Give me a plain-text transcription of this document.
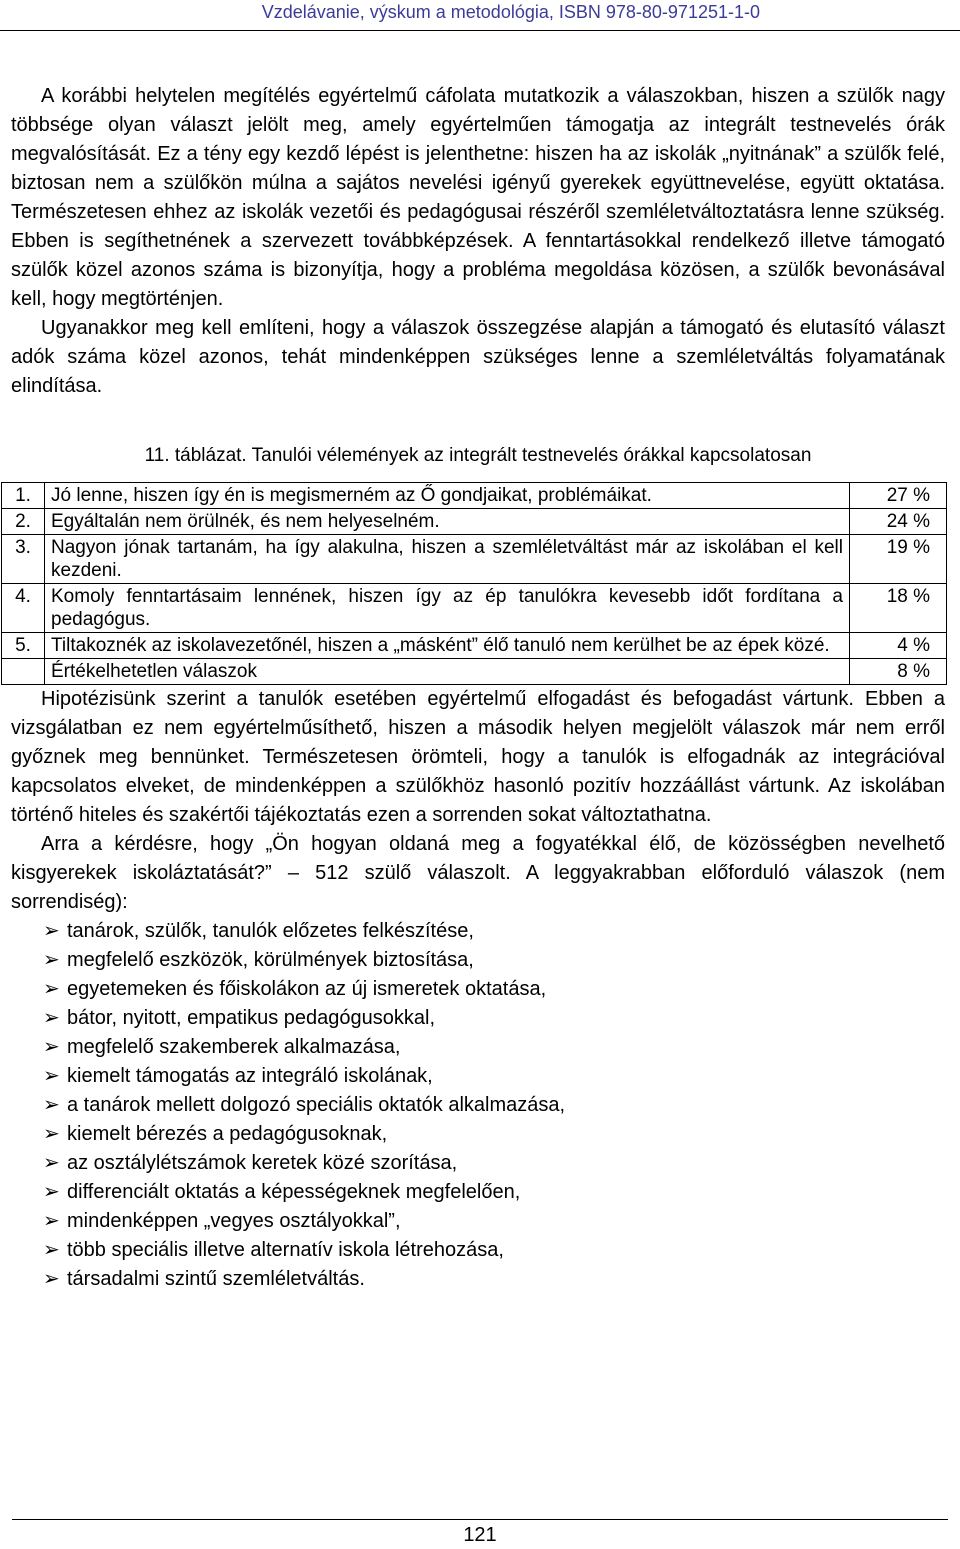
Vzdelávanie, výskum a metodológia, ISBN 978-80-971251-1-0

A korábbi helytelen megítélés egyértelmű cáfolata mutatkozik a válaszokban, hiszen a szülők nagy többsége olyan választ jelölt meg, amely egyértelműen támogatja az integrált testnevelés órák megvalósítását. Ez a tény egy kezdő lépést is jelenthetne: hiszen ha az iskolák „nyitnának” a szülők felé, biztosan nem a szülőkön múlna a sajátos nevelési igényű gyerekek együttnevelése, együtt oktatása. Természetesen ehhez az iskolák vezetői és pedagógusai részéről szemléletváltoztatásra lenne szükség. Ebben is segíthetnének a szervezett továbbképzések. A fenntartásokkal rendelkező illetve támogató szülők közel azonos száma is bizonyítja, hogy a probléma megoldása közösen, a szülők bevonásával kell, hogy megtörténjen.

Ugyanakkor meg kell említeni, hogy a válaszok összegzése alapján a támogató és elutasító választ adók száma közel azonos, tehát mindenképpen szükséges lenne a szemléletváltás folyamatának elindítása.

11. táblázat. Tanulói vélemények az integrált testnevelés órákkal kapcsolatosan
1.	Jó lenne, hiszen így én is megismerném az Ő gondjaikat, problémáikat.	27 %
2.	Egyáltalán nem örülnék, és nem helyeselném.	24 %
3.	Nagyon jónak tartanám, ha így alakulna, hiszen a szemléletváltást már az iskolában el kell kezdeni.	19 %
4.	Komoly fenntartásaim lennének, hiszen így az ép tanulókra kevesebb időt fordítana a pedagógus.	18 %
5.	Tiltakoznék az iskolavezetőnél, hiszen a „másként” élő tanuló nem kerülhet be az épek közé.	4 %
	Értékelhetetlen válaszok	8 %

Hipotézisünk szerint a tanulók esetében egyértelmű elfogadást és befogadást vártunk. Ebben a vizsgálatban ez nem egyértelműsíthető, hiszen a második helyen megjelölt válaszok már nem erről győznek meg bennünket. Természetesen örömteli, hogy a tanulók is elfogadnák az integrációval kapcsolatos elveket, de mindenképpen a szülőkhöz hasonló pozitív hozzáállást vártunk. Az iskolában történő hiteles és szakértői tájékoztatás ezen a sorrenden sokat változtathatna.

Arra a kérdésre, hogy „Ön hogyan oldaná meg a fogyatékkal élő, de közösségben nevelhető kisgyerekek iskoláztatását?” – 512 szülő válaszolt. A leggyakrabban előforduló válaszok (nem sorrendiség):

➢ tanárok, szülők, tanulók előzetes felkészítése,
➢ megfelelő eszközök, körülmények biztosítása,
➢ egyetemeken és főiskolákon az új ismeretek oktatása,
➢ bátor, nyitott, empatikus pedagógusokkal,
➢ megfelelő szakemberek alkalmazása,
➢ kiemelt támogatás az integráló iskolának,
➢ a tanárok mellett dolgozó speciális oktatók alkalmazása,
➢ kiemelt bérezés a pedagógusoknak,
➢ az osztálylétszámok keretek közé szorítása,
➢ differenciált oktatás a képességeknek megfelelően,
➢ mindenképpen „vegyes osztályokkal”,
➢ több speciális illetve alternatív iskola létrehozása,
➢ társadalmi szintű szemléletváltás.
121
